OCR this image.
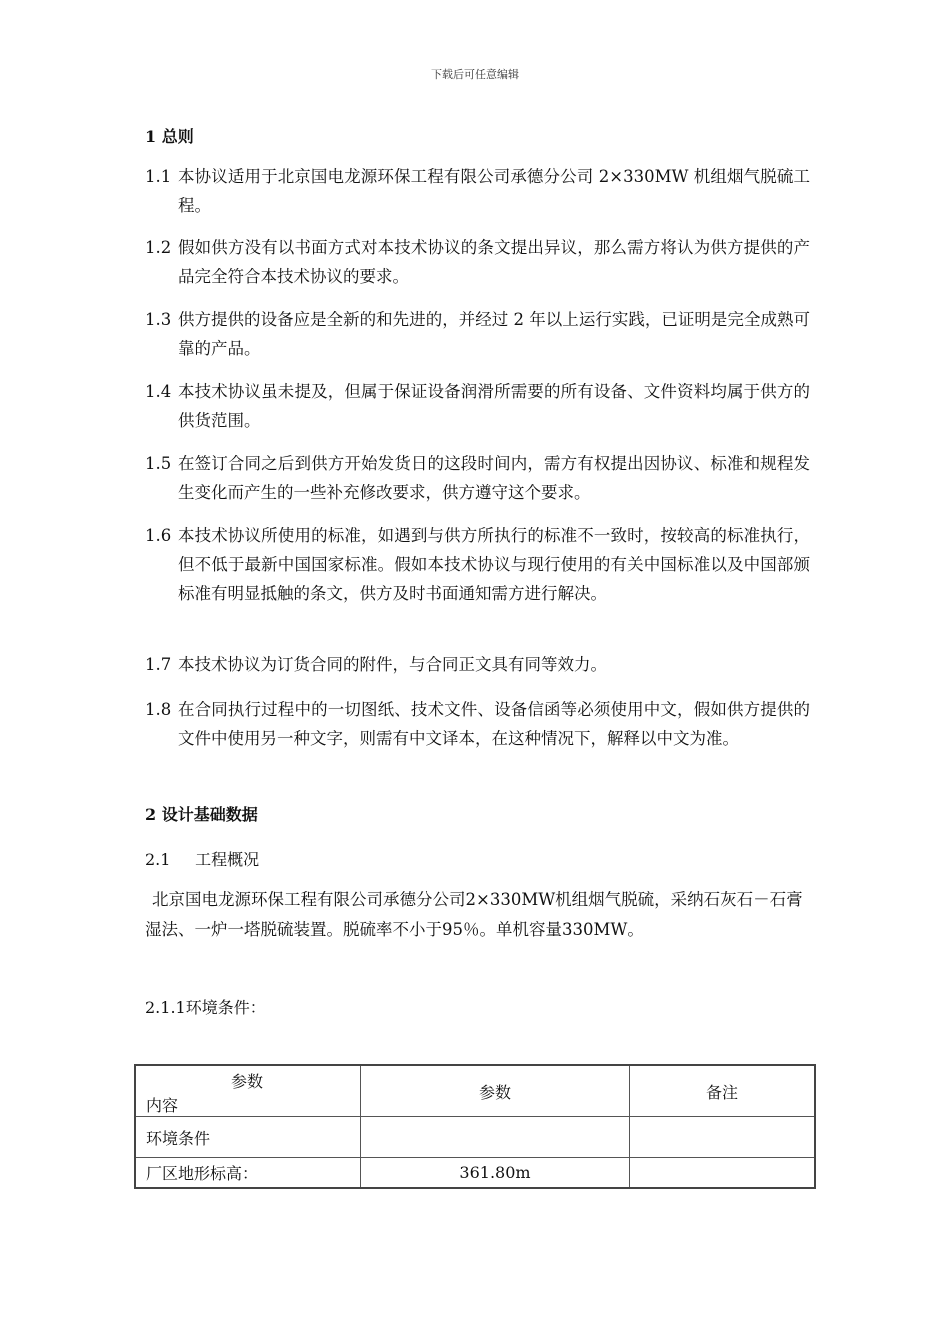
下载后可任意编辑
1 总则
1.1 本协议适用于北京国电龙源环保工程有限公司承德分公司 2×330MW 机组烟气脱硫工程。
1.2 假如供方没有以书面方式对本技术协议的条文提出异议，那么需方将认为供方提供的产品完全符合本技术协议的要求。
1.3 供方提供的设备应是全新的和先进的，并经过 2 年以上运行实践，已证明是完全成熟可靠的产品。
1.4 本技术协议虽未提及，但属于保证设备润滑所需要的所有设备、文件资料均属于供方的供货范围。
1.5 在签订合同之后到供方开始发货日的这段时间内，需方有权提出因协议、标准和规程发生变化而产生的一些补充修改要求，供方遵守这个要求。
1.6 本技术协议所使用的标准，如遇到与供方所执行的标准不一致时，按较高的标准执行，但不低于最新中国国家标准。假如本技术协议与现行使用的有关中国标准以及中国部颁标准有明显抵触的条文，供方及时书面通知需方进行解决。
1.7 本技术协议为订货合同的附件，与合同正文具有同等效力。
1.8 在合同执行过程中的一切图纸、技术文件、设备信函等必须使用中文，假如供方提供的文件中使用另一种文字，则需有中文译本，在这种情况下，解释以中文为准。
2 设计基础数据
2.1 工程概况
北京国电龙源环保工程有限公司承德分公司2×330MW机组烟气脱硫，采纳石灰石－石膏湿法、一炉一塔脱硫装置。脱硫率不小于95％。单机容量330MW。
2.1.1环境条件：
参数
内容	参数	备注
环境条件		
厂区地形标高：	361.80m	
